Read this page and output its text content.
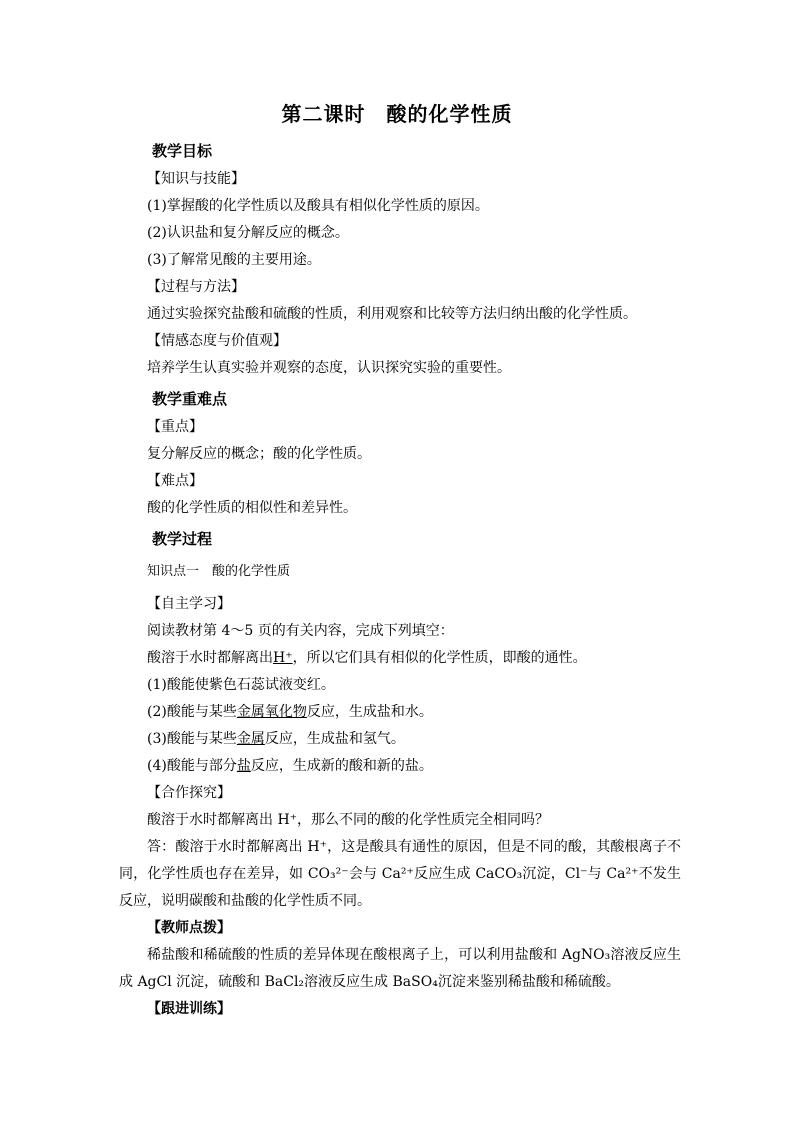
第二课时　酸的化学性质
教学目标
【知识与技能】
(1)掌握酸的化学性质以及酸具有相似化学性质的原因。
(2)认识盐和复分解反应的概念。
(3)了解常见酸的主要用途。
【过程与方法】
通过实验探究盐酸和硫酸的性质，利用观察和比较等方法归纳出酸的化学性质。
【情感态度与价值观】
培养学生认真实验并观察的态度，认识探究实验的重要性。
教学重难点
【重点】
复分解反应的概念；酸的化学性质。
【难点】
酸的化学性质的相似性和差异性。
教学过程
知识点一　酸的化学性质
【自主学习】
阅读教材第 4～5 页的有关内容，完成下列填空：
酸溶于水时都解离出H⁺，所以它们具有相似的化学性质，即酸的通性。
(1)酸能使紫色石蕊试液变红。
(2)酸能与某些金属氧化物反应，生成盐和水。
(3)酸能与某些金属反应，生成盐和氢气。
(4)酸能与部分盐反应，生成新的酸和新的盐。
【合作探究】
酸溶于水时都解离出 H⁺，那么不同的酸的化学性质完全相同吗？
答：酸溶于水时都解离出 H⁺，这是酸具有通性的原因，但是不同的酸，其酸根离子不同，化学性质也存在差异，如 CO₃²⁻会与 Ca²⁺反应生成 CaCO₃沉淀，Cl⁻与 Ca²⁺不发生反应，说明碳酸和盐酸的化学性质不同。
【教师点拨】
稀盐酸和稀硫酸的性质的差异体现在酸根离子上，可以利用盐酸和 AgNO₃溶液反应生成 AgCl 沉淀，硫酸和 BaCl₂溶液反应生成 BaSO₄沉淀来鉴别稀盐酸和稀硫酸。
【跟进训练】
